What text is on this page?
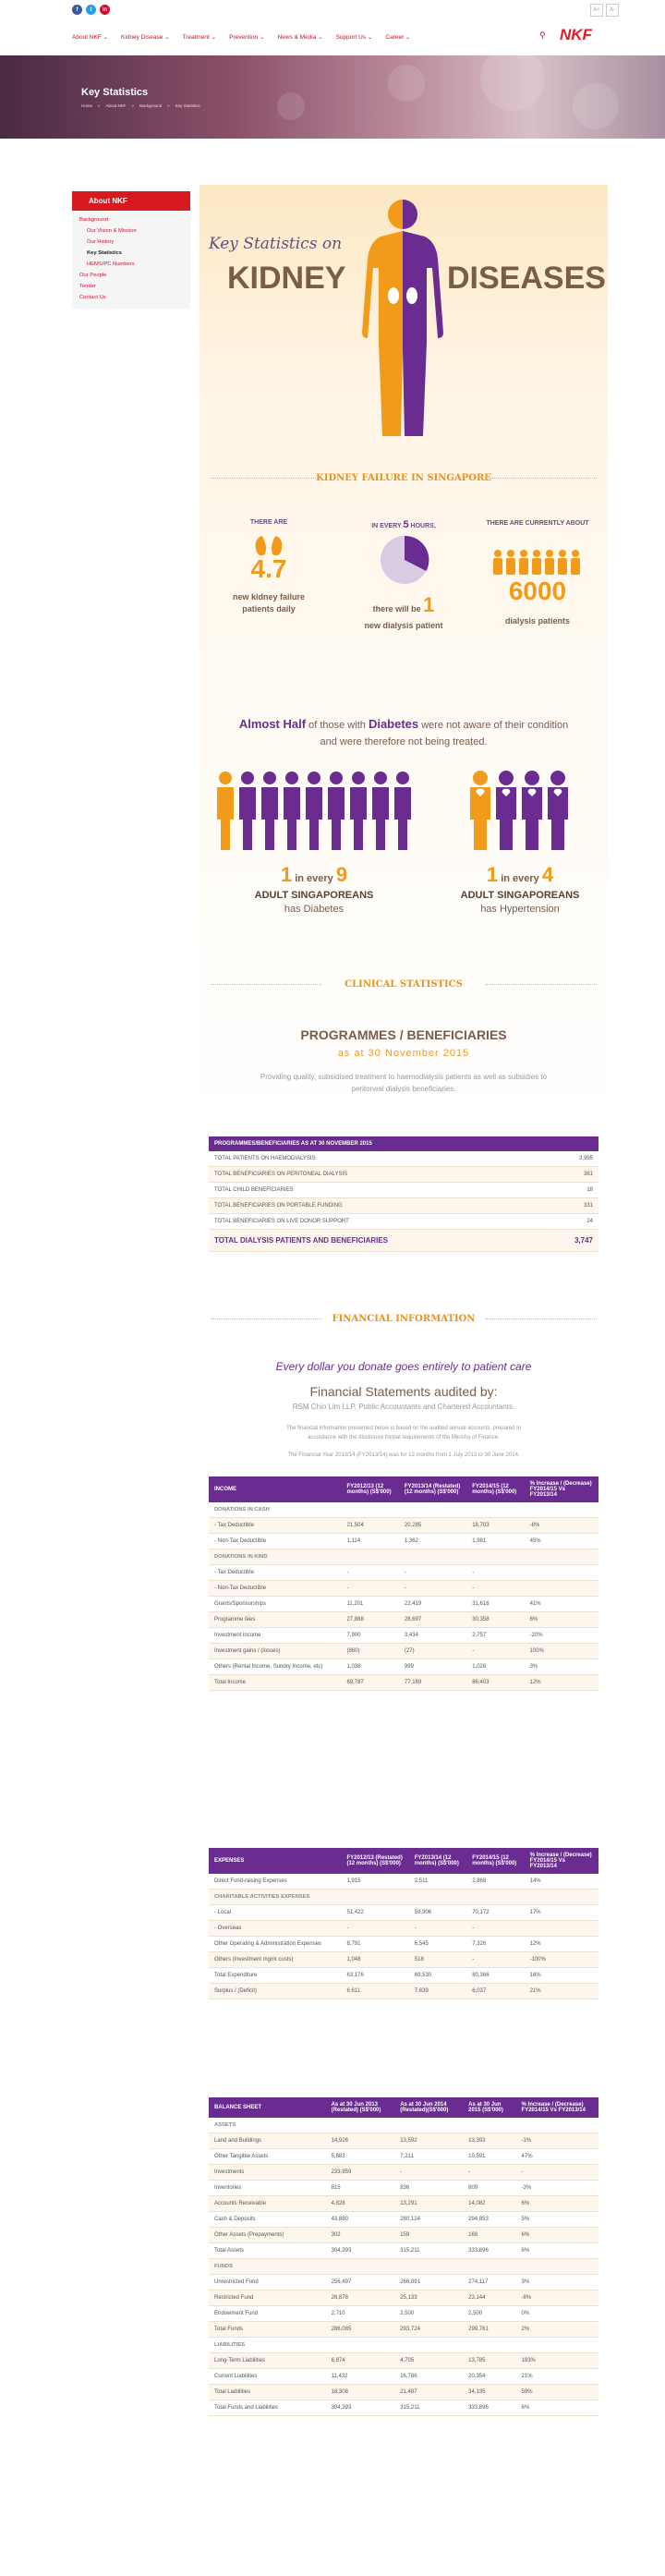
f	t	in	A+	A-
About NKF ⌄ Kidney Disease ⌄ Treatment ⌄ Prevention ⌄ News & Media ⌄ Support Us ⌄ Career ⌄	⚲ NKF
Key Statistics
Home » About NKF » Background » Key Statistics
About NKF
Background
Our Vision & Mission
Our History
Key Statistics
HEMS/PC Numbers
Our People
Tender
Contact Us
Key Statistics on
KIDNEY	DISEASES
KIDNEY FAILURE IN SINGAPORE
THERE ARE
4.7
new kidney failure patients daily
IN EVERY 5 HOURS,
there will be 1
new dialysis patient
THERE ARE CURRENTLY ABOUT
6000
dialysis patients
Almost Half of those with Diabetes were not aware of their condition and were therefore not being treated.
1 in every 9
ADULT SINGAPOREANS
has Diabetes
1 in every 4
ADULT SINGAPOREANS
has Hypertension
CLINICAL STATISTICS
PROGRAMMES / BENEFICIARIES
as at 30 November 2015
Providing quality, subsidised treatment to haemodialysis patients as well as subsidies to peritoneal dialysis beneficiaries.
PROGRAMMES/BENEFICIARIES AS AT 30 NOVEMBER 2015	
TOTAL PATIENTS ON HAEMODIALYSIS	3,995
TOTAL BENEFICIARIES ON PERITONEAL DIALYSIS	381
TOTAL CHILD BENEFICIARIES	18
TOTAL BENEFICIARIES ON PORTABLE FUNDING	331
TOTAL BENEFICIARIES ON LIVE DONOR SUPPORT	24
TOTAL DIALYSIS PATIENTS AND BENEFICIARIES	3,747
FINANCIAL INFORMATION
Every dollar you donate goes entirely to patient care
Financial Statements audited by:
RSM Chio Lim LLP, Public Accountants and Chartered Accountants.
The financial information presented below is based on the audited annual accounts, prepared in accordance with the disclosure format requirements of the Ministry of Finance.
The Financial Year 2013/14 (FY2013/14) was for 12 months from 1 July 2013 to 30 June 2014.
INCOME	FY2012/13 (12 months) (S$'000)	FY2013/14 (Restated) (12 months) (S$'000)	FY2014/15 (12 months) (S$'000)	% Increase / (Decrease) FY2014/15 Vs FY2013/14
DONATIONS IN CASH				
- Tax Deductible	21,504	20,285	18,703	-8%
- Non-Tax Deductible	1,114	1,362	1,981	45%
DONATIONS IN KIND				
- Tax Deductible	-	-	-	
- Non-Tax Deductible	-	-	-	
Grants/Sponsorships	11,201	22,419	31,616	41%
Programme fees	27,888	28,697	30,358	6%
Investment income	7,900	3,434	2,757	-20%
Investment gains / (losses)	(860)	(27)	-	100%
Others (Rental Income, Sundry Income, etc)	1,038	999	1,028	3%
Total Income	69,787	77,169	86,403	12%
EXPENSES	FY2012/13 (Restated) (12 months) (S$'000)	FY2013/14 (12 months) (S$'000)	FY2014/15 (12 months) (S$'000)	% Increase / (Decrease) FY2014/15 Vs FY2013/14
Direct Fund-raising Expenses	1,915	2,511	2,868	14%
CHARITABLE ACTIVITIES EXPENSES				
- Local	51,422	59,906	70,172	17%
- Overseas	-	-	-	
Other Operating & Administration Expenses	8,791	6,545	7,326	12%
Others (Investment mgmt costs)	1,048	518	-	-100%
Total Expenditure	63,176	69,530	80,366	16%
Surplus / (Deficit)	6,611	7,639	6,037	21%
BALANCE SHEET	As at 30 Jun 2013 (Restated) (S$'000)	As at 30 Jun 2014 (Restated)(S$'000)	As at 30 Jun 2015 (S$'000)	% Increase / (Decrease) FY2014/15 Vs FY2013/14
ASSETS				
Land and Buildings	14,926	13,592	13,393	-1%
Other Tangible Assets	5,683	7,211	10,591	47%
Investments	233,959	-	-	-
Inventories	815	836	809	-3%
Accounts Receivable	4,828	13,291	14,082	6%
Cash & Deposits	43,880	280,124	294,853	5%
Other Assets (Prepayments)	302	159	168	6%
Total Assets	304,393	315,211	333,896	6%
FUNDS				
Unrestricted Fund	256,497	266,091	274,117	3%
Restricted Fund	26,878	25,133	23,144	-8%
Endowment Fund	2,710	2,500	2,500	0%
Total Funds	286,085	293,724	299,761	2%
LIABILITIES				
Long-Term Liabilities	6,874	4,705	13,785	193%
Current Liabilities	11,432	16,786	20,354	21%
Total Liabilities	18,308	21,487	34,135	59%
Total Funds and Liabilities	304,393	315,211	333,896	6%
